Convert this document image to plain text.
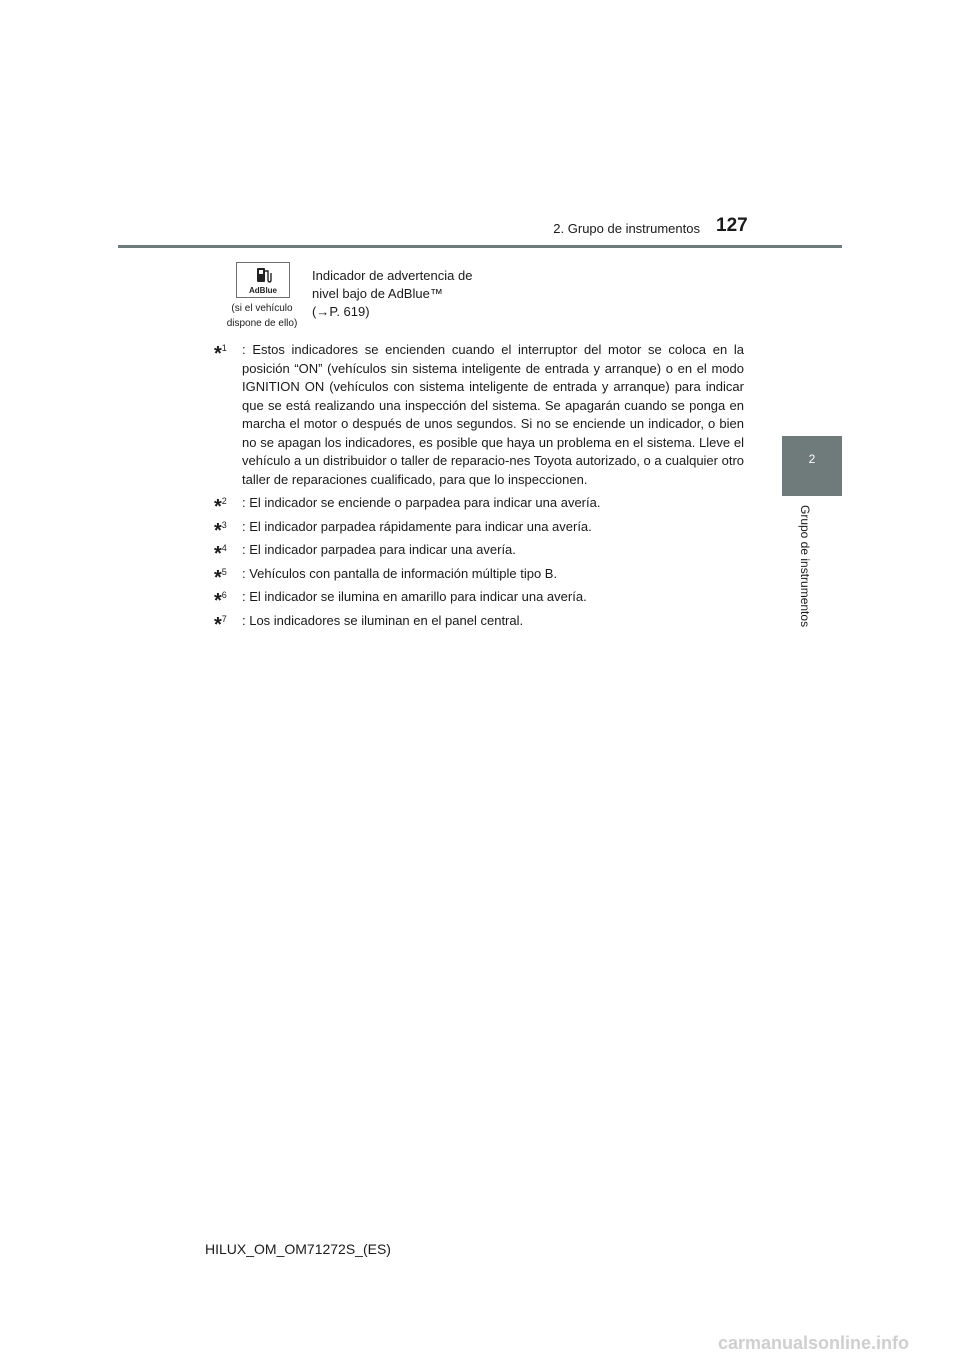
2. Grupo de instrumentos 127
2
Grupo de instrumentos
AdBlue
(si el vehículo
dispone de ello)
Indicador de advertencia de
nivel bajo de AdBlue™
(→P. 619)
*$^1$ : Estos indicadores se encienden cuando el interruptor del motor se coloca en la posición “ON” (vehículos sin sistema inteligente de entrada y arranque) o en el modo IGNITION ON (vehículos con sistema inteligente de entrada y arranque) para indicar que se está realizando una inspección del sistema. Se apagarán cuando se ponga en marcha el motor o después de unos segundos. Si no se enciende un indicador, o bien no se apagan los indicadores, es posible que haya un problema en el sistema. Lleve el vehículo a un distribuidor o taller de reparacio-nes Toyota autorizado, o a cualquier otro taller de reparaciones cualificado, para que lo inspeccionen.
*$^2$ : El indicador se enciende o parpadea para indicar una avería.
*$^3$ : El indicador parpadea rápidamente para indicar una avería.
*$^4$ : El indicador parpadea para indicar una avería.
*$^5$ : Vehículos con pantalla de información múltiple tipo B.
*$^6$ : El indicador se ilumina en amarillo para indicar una avería.
*$^7$ : Los indicadores se iluminan en el panel central.
HILUX_OM_OM71272S_(ES)
carmanualsonline.info
